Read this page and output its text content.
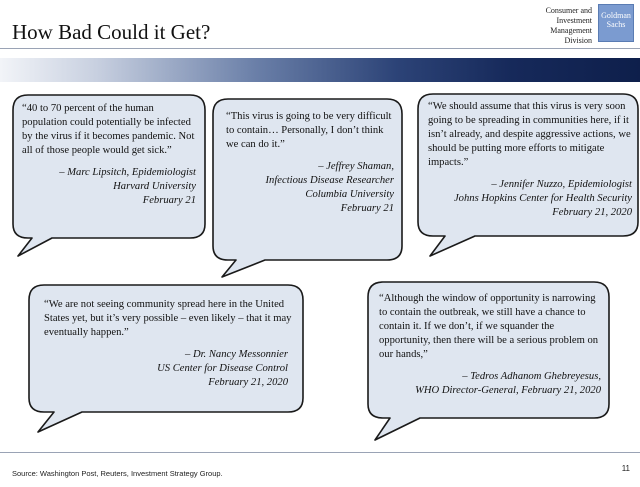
How Bad Could it Get?
Consumer and
Investment
Management
Division
Goldman
Sachs
“40 to 70 percent of the human population could potentially be infected by the virus if it becomes pandemic. Not all of those people would get sick.”
– Marc Lipsitch, Epidemiologist
Harvard University
February 21
“This virus is going to be very difficult to contain… Personally, I don’t think we can do it.”
– Jeffrey Shaman,
Infectious Disease Researcher
Columbia University
February 21
“We should assume that this virus is very soon going to be spreading in communities here, if it isn’t already, and despite aggressive actions, we should be putting more efforts to mitigate impacts.”
– Jennifer Nuzzo, Epidemiologist
Johns Hopkins Center for Health Security
February 21, 2020
“We are not seeing community spread here in the United States yet, but it’s very possible – even likely – that it may eventually happen.”
– Dr. Nancy Messonnier
US Center for Disease Control
February 21, 2020
“Although the window of opportunity is narrowing to contain the outbreak, we still have a chance to contain it. If we don’t, if we squander the opportunity, then there will be a serious problem on our hands,”
– Tedros Adhanom Ghebreyesus,
WHO Director-General, February 21, 2020
Source: Washington Post, Reuters, Investment Strategy Group.
11
